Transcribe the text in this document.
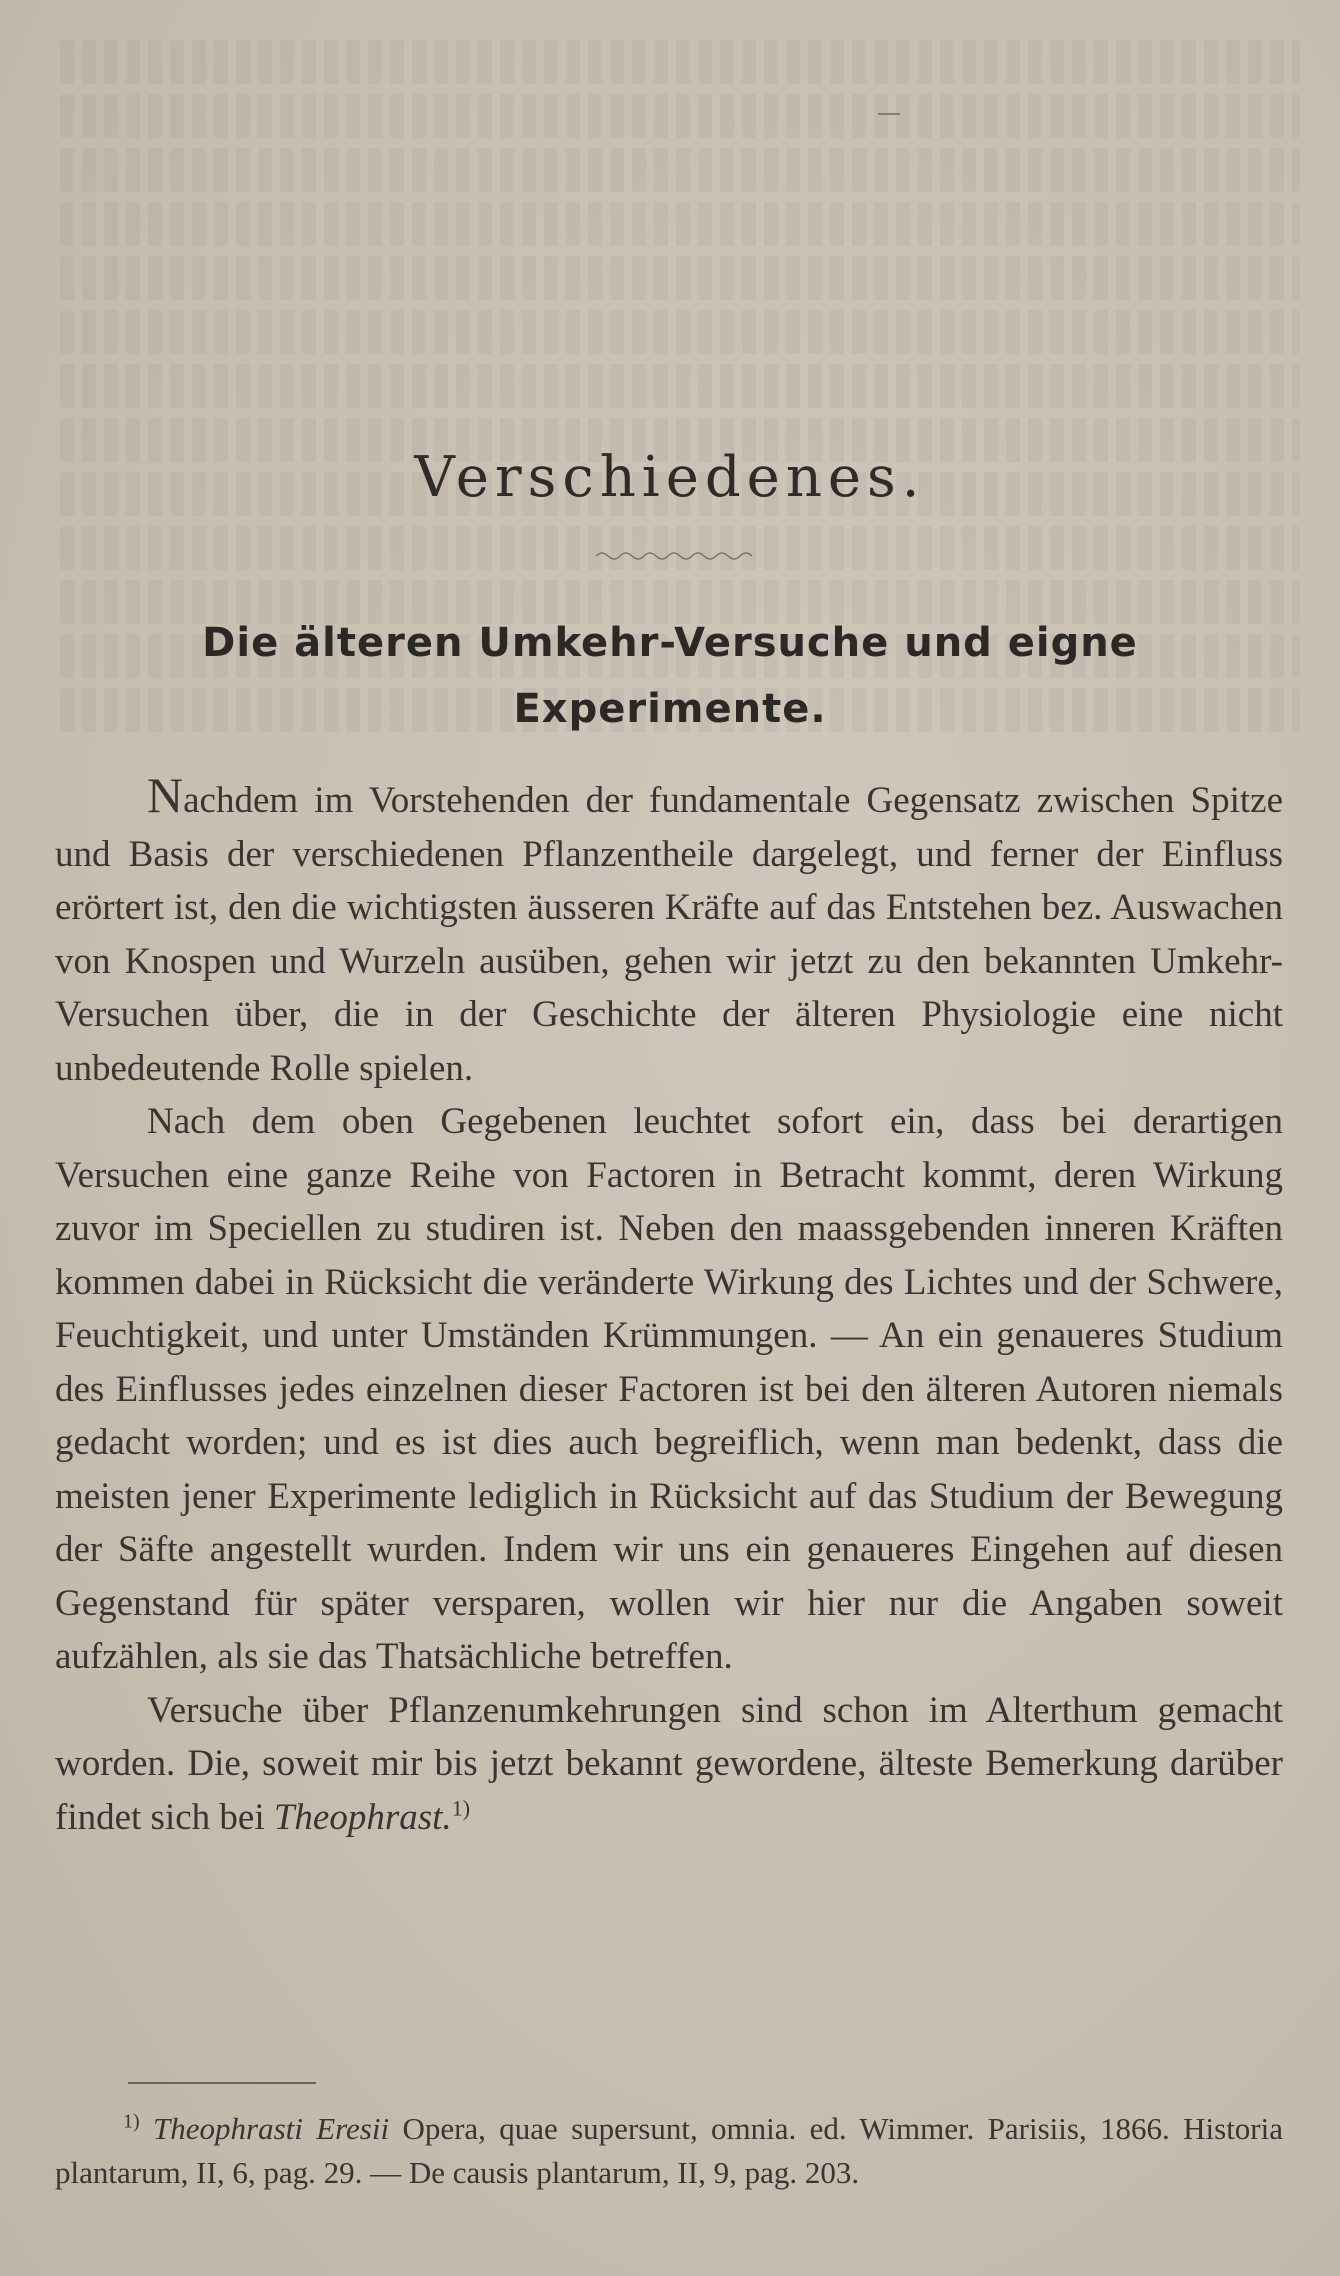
Verschiedenes.
Die älteren Umkehr-Versuche und eigne Experimente.

Nachdem im Vorstehenden der fundamentale Gegensatz zwischen Spitze und Basis der verschiedenen Pflanzentheile dargelegt, und ferner der Einfluss erörtert ist, den die wichtigsten äusseren Kräfte auf das Entstehen bez. Auswachen von Knospen und Wurzeln ausüben, gehen wir jetzt zu den bekannten Umkehr-Versuchen über, die in der Geschichte der älteren Physiologie eine nicht unbedeutende Rolle spielen.

Nach dem oben Gegebenen leuchtet sofort ein, dass bei derartigen Versuchen eine ganze Reihe von Factoren in Betracht kommt, deren Wirkung zuvor im Speciellen zu studiren ist. Neben den maassgebenden inneren Kräften kommen dabei in Rücksicht die veränderte Wirkung des Lichtes und der Schwere, Feuchtigkeit, und unter Umständen Krümmungen. — An ein genaueres Studium des Einflusses jedes einzelnen dieser Factoren ist bei den älteren Autoren niemals gedacht worden; und es ist dies auch begreiflich, wenn man bedenkt, dass die meisten jener Experimente lediglich in Rücksicht auf das Studium der Bewegung der Säfte angestellt wurden. Indem wir uns ein genaueres Eingehen auf diesen Gegenstand für später versparen, wollen wir hier nur die Angaben soweit aufzählen, als sie das Thatsächliche betreffen.

Versuche über Pflanzenumkehrungen sind schon im Alterthum gemacht worden. Die, soweit mir bis jetzt bekannt gewordene, älteste Bemerkung darüber findet sich bei Theophrast.$^{1)}$

$^{1)}$ Theophrasti Eresii Opera, quae supersunt, omnia. ed. Wimmer. Parisiis, 1866. Historia plantarum, II, 6, pag. 29. — De causis plantarum, II, 9, pag. 203.
